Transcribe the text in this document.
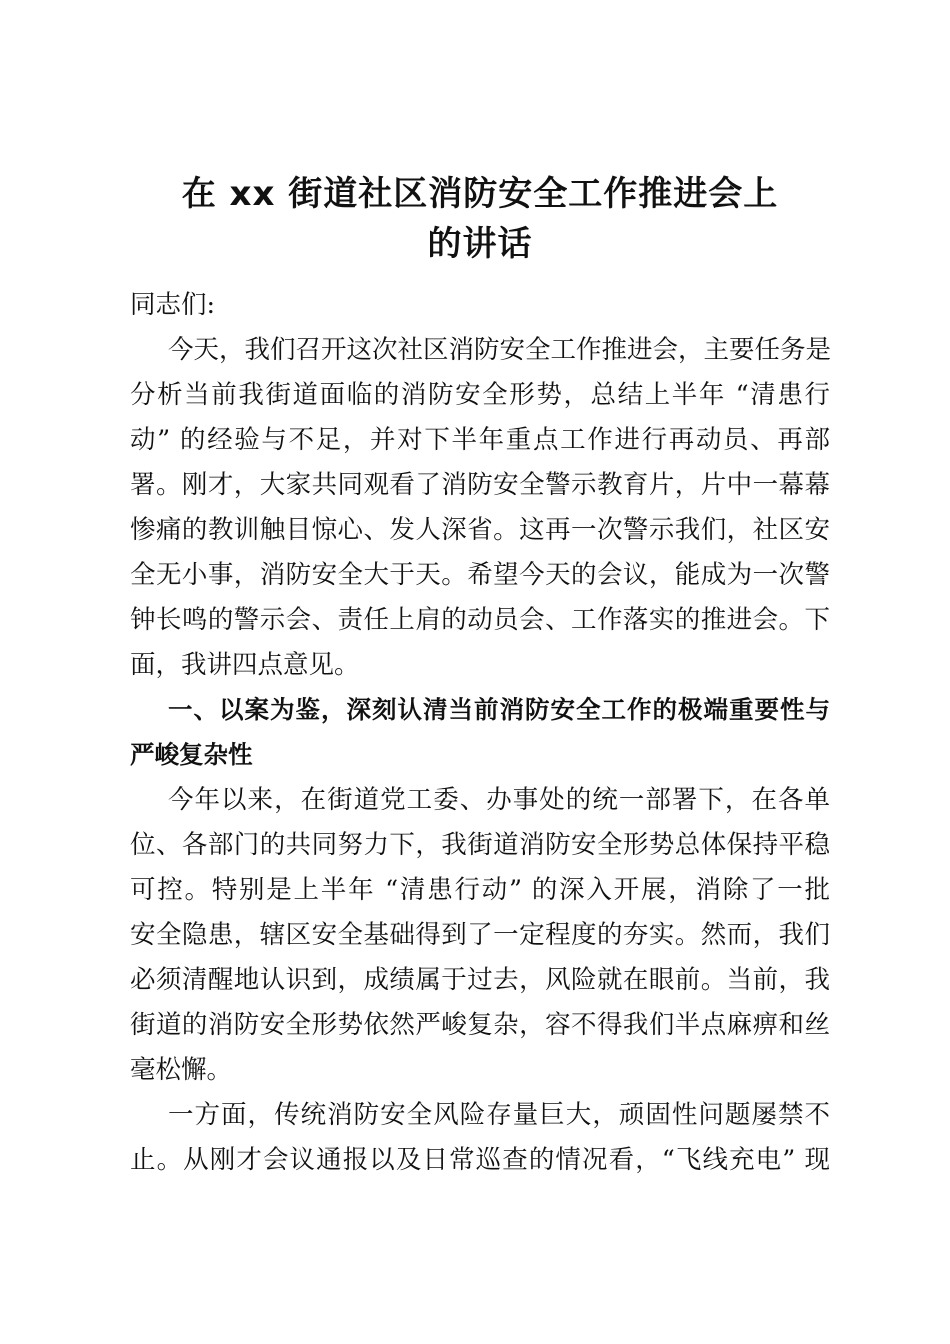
在 xx 街道社区消防安全工作推进会上
的讲话

同志们:

今天，我们召开这次社区消防安全工作推进会，主要任务是

分析当前我街道面临的消防安全形势，总结上半年 “清患行

动” 的经验与不足，并对下半年重点工作进行再动员、再部

署。刚才，大家共同观看了消防安全警示教育片，片中一幕幕

惨痛的教训触目惊心、发人深省。这再一次警示我们，社区安

全无小事，消防安全大于天。希望今天的会议，能成为一次警

钟长鸣的警示会、责任上肩的动员会、工作落实的推进会。下

面，我讲四点意见。

一、以案为鉴，深刻认清当前消防安全工作的极端重要性与

严峻复杂性

今年以来，在街道党工委、办事处的统一部署下，在各单

位、各部门的共同努力下，我街道消防安全形势总体保持平稳

可控。特别是上半年 “清患行动” 的深入开展，消除了一批

安全隐患，辖区安全基础得到了一定程度的夯实。然而，我们

必须清醒地认识到，成绩属于过去，风险就在眼前。当前，我

街道的消防安全形势依然严峻复杂，容不得我们半点麻痹和丝

毫松懈。

一方面，传统消防安全风险存量巨大，顽固性问题屡禁不

止。从刚才会议通报以及日常巡查的情况看，“飞线充电” 现
